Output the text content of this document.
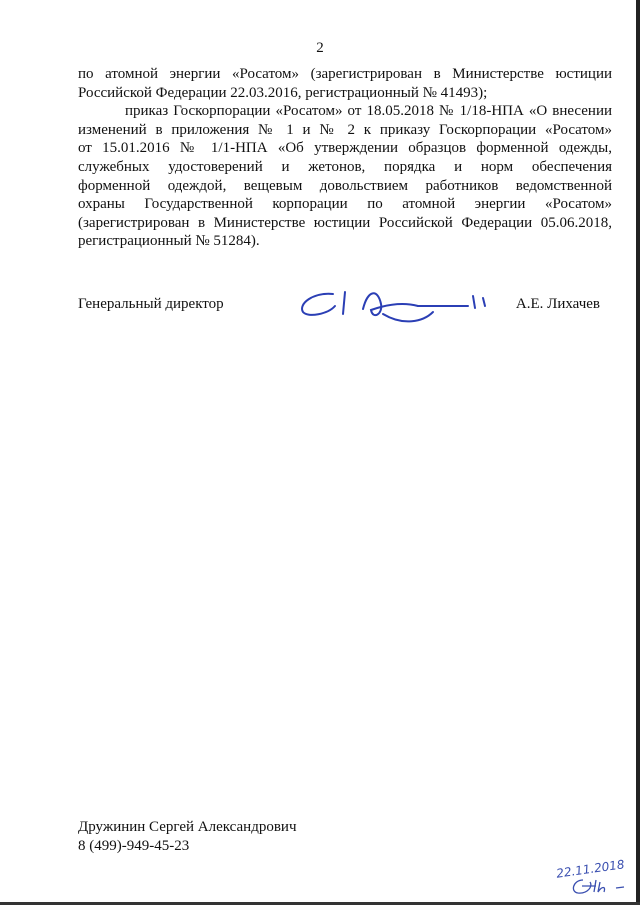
2
по атомной энергии «Росатом» (зарегистрирован в Министерстве юстиции
Российской Федерации 22.03.2016, регистрационный № 41493);
приказ Госкорпорации «Росатом» от 18.05.2018 № 1/18-НПА «О внесении
изменений в приложения № 1 и № 2 к приказу Госкорпорации «Росатом»
от 15.01.2016 № 1/1-НПА «Об утверждении образцов форменной одежды,
служебных удостоверений и жетонов, порядка и норм обеспечения
форменной одеждой, вещевым довольствием работников ведомственной
охраны Государственной корпорации по атомной энергии «Росатом»
(зарегистрирован в Министерстве юстиции Российской Федерации 05.06.2018,
регистрационный № 51284).
Генеральный директор	А.Е. Лихачев
Дружинин Сергей Александрович
8 (499)-949-45-23
22.11.2018
